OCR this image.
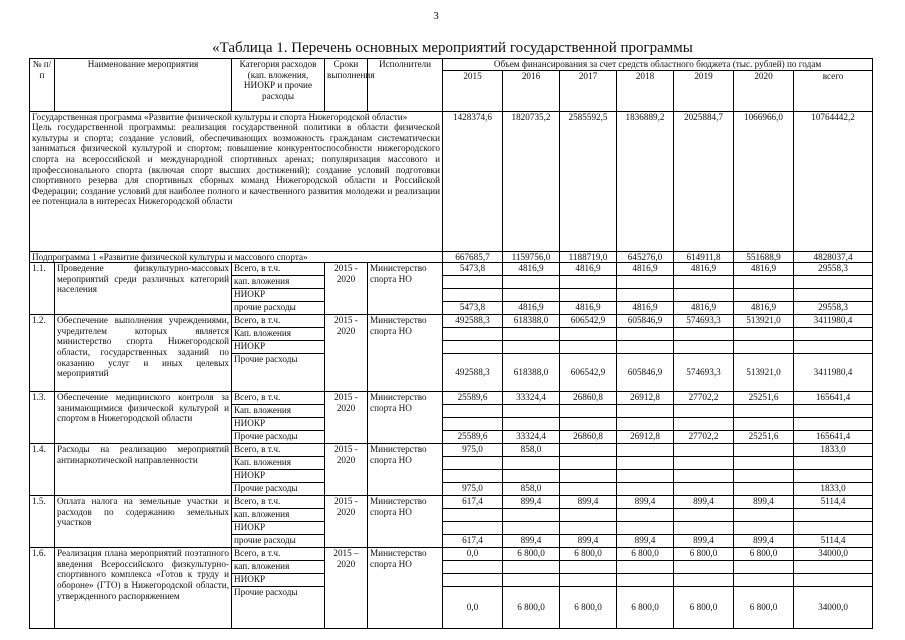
3
«Таблица 1. Перечень основных мероприятий государственной программы
№ п/п	Наименование мероприятия	Категория расходов (кап. вложения, НИОКР и прочие расходы	Сроки выполнения	Исполнители	Объем финансирования за счет средств областного бюджета (тыс. рублей) по годам						
					2015	2016	2017	2018	2019	2020	всего

Государственная программа «Развитие физической культуры и спорта Нижегородской области»
Цель государственной программы: реализация государственной политики в области физической культуры и спорта; создание условий, обеспечивающих возможность гражданам систематически заниматься физической культурой и спортом; повышение конкурентоспособности нижегородского спорта на всероссийской и международной спортивных аренах; популяризация массового и профессионального спорта (включая спорт высших достижений); создание условий подготовки спортивного резерва для спортивных сборных команд Нижегородской области и Российской Федерации; создание условий для наиболее полного и качественного развития молодежи и реализации ее потенциала в интересах Нижегородской области					1428374,6	1820735,2	2585592,5	1836889,2	2025884,7	1066966,0	10764442,2
Подпрограмма 1 «Развитие физической культуры и массового спорта»					667685,7	1159756,0	1188719,0	645276,0	614911,8	551688,9	4828037,4
1.1.	Проведение физкультурно-массовых мероприятий среди различных категорий населения	Всего, в т.ч.	2015 - 2020	Министерство спорта НО	5473,8	4816,9	4816,9	4816,9	4816,9	4816,9	29558,3
		кап. вложения									
		НИОКР									
		прочие расходы			5473,8	4816,9	4816,9	4816,9	4816,9	4816,9	29558,3
1.2.	Обеспечение выполнения учреждениями, учредителем которых является министерство спорта Нижегородской области, государственных заданий по оказанию услуг и иных целевых мероприятий	Всего, в т.ч.	2015 - 2020	Министерство спорта НО	492588,3	618388,0	606542,9	605846,9	574693,3	513921,0	3411980,4
		Кап. вложения									
		НИОКР									
		Прочие расходы			492588,3	618388,0	606542,9	605846,9	574693,3	513921,0	3411980,4
1.3.	Обеспечение медицинского контроля за занимающимися физической культурой и спортом в Нижегородской области	Всего, в т.ч.	2015 - 2020	Министерство спорта НО	25589,6	33324,4	26860,8	26912,8	27702,2	25251,6	165641,4
		Кап. вложения									
		НИОКР									
		Прочие расходы			25589,6	33324,4	26860,8	26912,8	27702,2	25251,6	165641,4
1.4.	Расходы на реализацию мероприятий антинаркотической направленности	Всего, в т.ч.	2015 - 2020	Министерство спорта НО	975,0	858,0					1833,0
		Кап. вложения									
		НИОКР									
		Прочие расходы			975,0	858,0					1833,0
1.5.	Оплата налога на земельные участки и расходов по содержанию земельных участков	Всего, в т.ч.	2015 - 2020	Министерство спорта НО	617,4	899,4	899,4	899,4	899,4	899,4	5114,4
		кап. вложения									
		НИОКР									
		прочие расходы			617,4	899,4	899,4	899,4	899,4	899,4	5114,4
1.6.	Реализация плана мероприятий поэтапного введения Всероссийского физкультурно-спортивного комплекса «Готов к труду и обороне» (ГТО) в Нижегородской области, утвержденного распоряжением	Всего, в т.ч.	2015 – 2020	Министерство спорта НО	0,0	6 800,0	6 800,0	6 800,0	6 800,0	6 800,0	34000,0
		кап. вложения									
		НИОКР									
		Прочие расходы			0,0	6 800,0	6 800,0	6 800,0	6 800,0	6 800,0	34000,0
